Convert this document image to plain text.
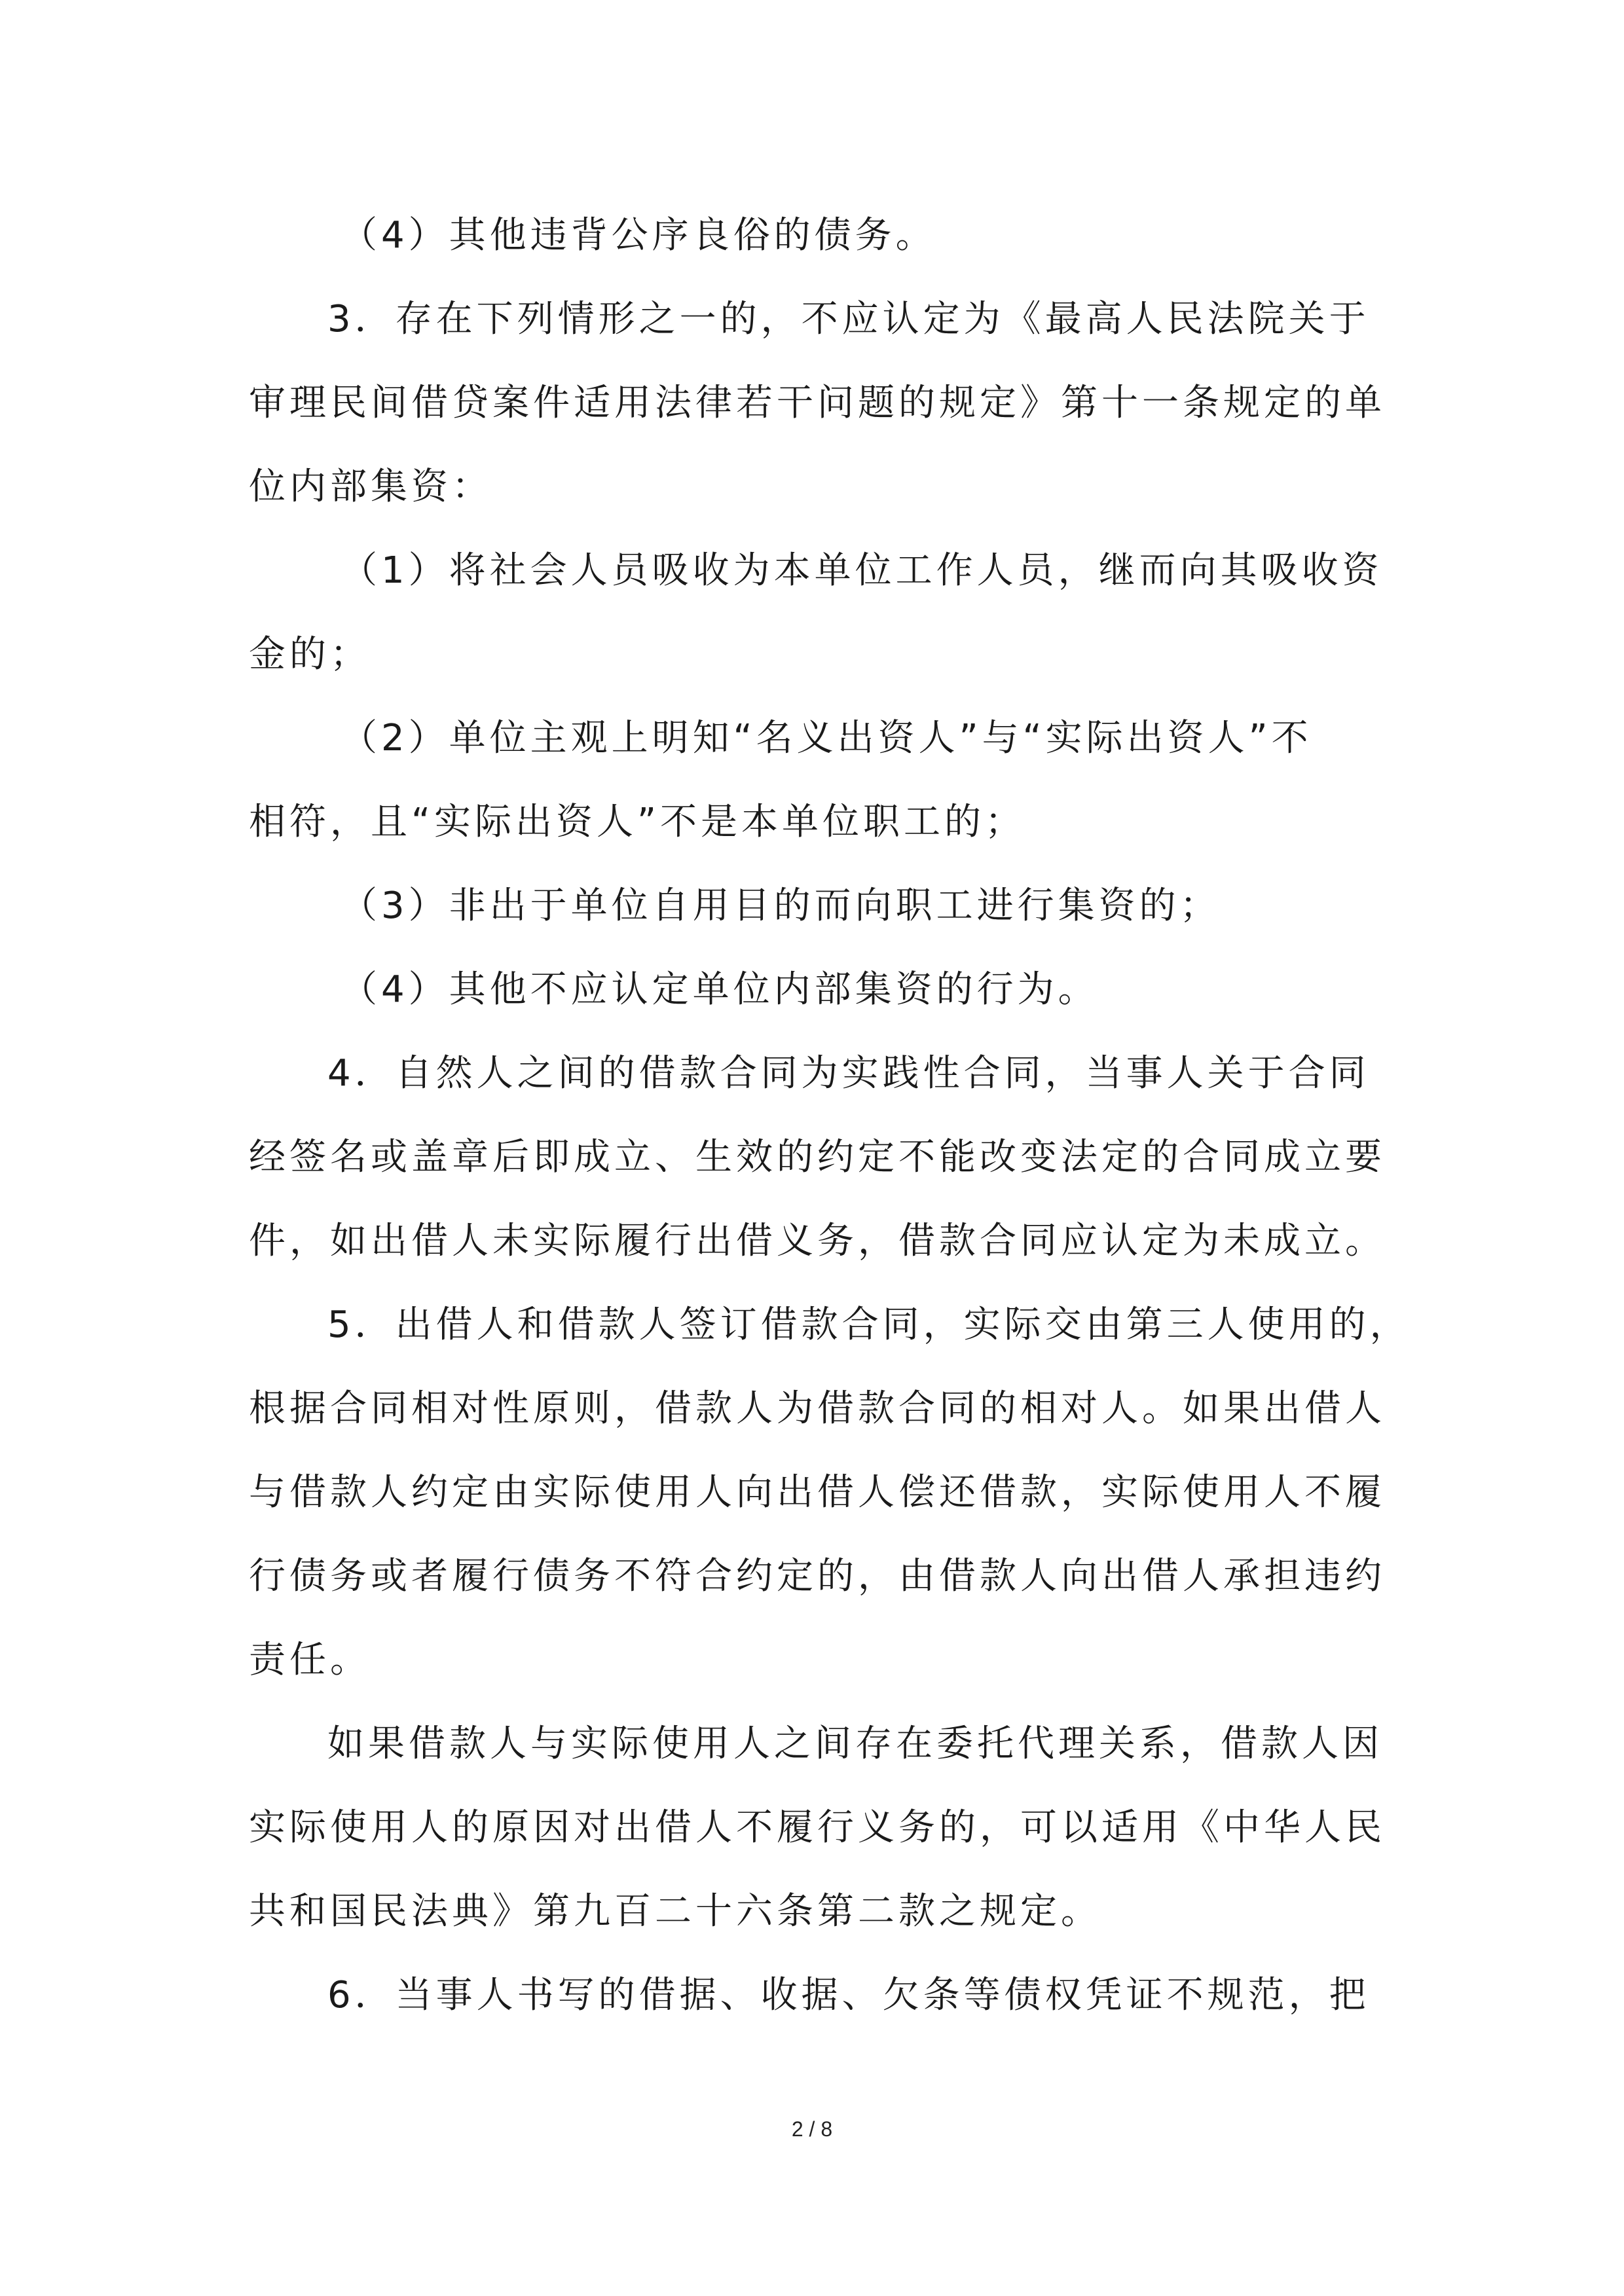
（4）其他违背公序良俗的债务。
3．存在下列情形之一的，不应认定为《最高人民法院关于
审理民间借贷案件适用法律若干问题的规定》第十一条规定的单
位内部集资：
（1）将社会人员吸收为本单位工作人员，继而向其吸收资
金的；
（2）单位主观上明知“名义出资人”与“实际出资人”不
相符，且“实际出资人”不是本单位职工的；
（3）非出于单位自用目的而向职工进行集资的；
（4）其他不应认定单位内部集资的行为。
4．自然人之间的借款合同为实践性合同，当事人关于合同
经签名或盖章后即成立、生效的约定不能改变法定的合同成立要
件，如出借人未实际履行出借义务，借款合同应认定为未成立。
5．出借人和借款人签订借款合同，实际交由第三人使用的，
根据合同相对性原则，借款人为借款合同的相对人。如果出借人
与借款人约定由实际使用人向出借人偿还借款，实际使用人不履
行债务或者履行债务不符合约定的，由借款人向出借人承担违约
责任。
如果借款人与实际使用人之间存在委托代理关系，借款人因
实际使用人的原因对出借人不履行义务的，可以适用《中华人民
共和国民法典》第九百二十六条第二款之规定。
6．当事人书写的借据、收据、欠条等债权凭证不规范，把
2 / 8
